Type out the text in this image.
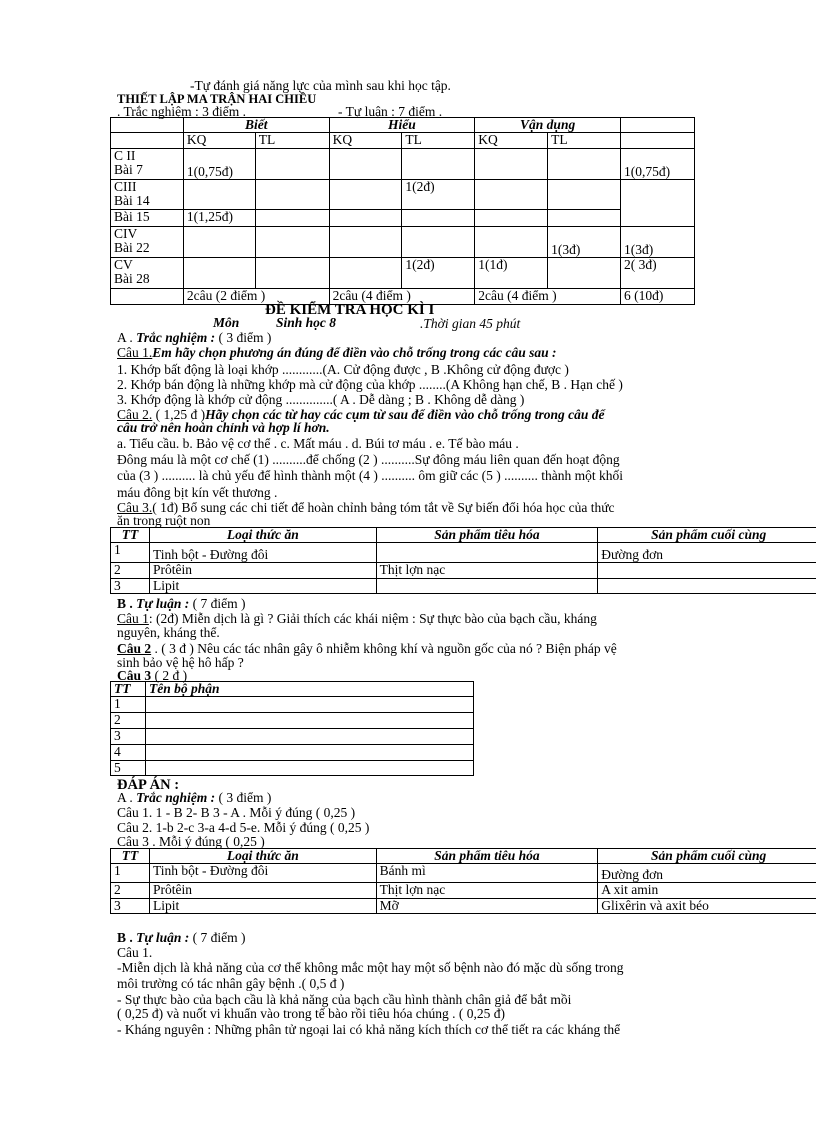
-Tự đánh giá năng lực của mình sau khi học tập.
THIẾT LẬP MA TRẬN HAI CHIỀU
. Trắc nghiệm : 3 điểm .	- Tự luận : 7 điểm .
	Biết		Hiểu		Vận dụng		
	KQ	TL	KQ	TL	KQ	TL	
C II
Bài 7	1(0,75đ)						1(0,75đ)
CIII
Bài 14				1(2đ)			
Bài 15	1(1,25đ)						
CIV
Bài 22						1(3đ)	1(3đ)
CV
Bài 28				1(2đ)	1(1đ)		2( 3đ)
	2câu (2 điểm )		2câu (4 điểm )		2câu (4 điểm )		6 (10đ)
ĐỀ KIỂM TRA HỌC KÌ I
Môn	Sinh học 8	.Thời gian 45 phút
A . Trắc nghiệm : ( 3 điểm )
Câu 1.Em hãy chọn phương án đúng để điền vào chỗ trống trong các câu sau :
1. Khớp bất động là loại khớp ............(A. Cử động được , B .Không cử động được )
2. Khớp bán động là những khớp mà cử động của khớp ........(A Không hạn chế, B . Hạn chế )
3. Khớp động là khớp cử động ..............( A . Dễ dàng ; B . Không dễ dàng )
Câu 2. ( 1,25 đ )Hãy chọn các từ hay các cụm từ sau để điền vào chỗ trống trong câu để
câu trở nên hoàn chỉnh và hợp lí hơn.
a. Tiểu cầu. b. Bảo vệ cơ thể . c. Mất máu . d. Búi tơ máu . e. Tế bào máu .
Đông máu là một cơ chế (1) ..........để chống (2 ) ..........Sự đông máu liên quan đến hoạt động
của (3 ) .......... là chủ yếu để hình thành một (4 ) .......... ôm giữ các (5 ) .......... thành một khối
máu đông bịt kín vết thương .
Câu 3.( 1đ) Bổ sung các chi tiết để hoàn chỉnh bảng tóm tắt về Sự biến đổi hóa học của thức
ăn trong ruột non
TT	Loại thức ăn	Sản phẩm tiêu hóa	Sản phẩm cuối cùng
1	Tinh bột - Đường đôi		Đường đơn
2	Prôtêin	Thịt lợn nạc	
3	Lipit		
B . Tự luận : ( 7 điểm )
Câu 1: (2đ) Miễn dịch là gì ? Giải thích các khái niệm : Sự thực bào của bạch cầu, kháng
nguyên, kháng thể.
Câu 2 . ( 3 đ ) Nêu các tác nhân gây ô nhiễm không khí và nguồn gốc của nó ? Biện pháp vệ
sinh bảo vệ hệ hô hấp ?
Câu 3 ( 2 đ )
TT	Tên bộ phận
1	
2	
3	
4	
5	
ĐÁP ÁN :
A . Trắc nghiệm : ( 3 điểm )
Câu 1. 1 - B 2- B 3 - A . Mỗi ý đúng ( 0,25 )
Câu 2. 1-b 2-c 3-a 4-d 5-e. Mỗi ý đúng ( 0,25 )
Câu 3 . Mỗi ý đúng ( 0,25 )
TT	Loại thức ăn	Sản phẩm tiêu hóa	Sản phẩm cuối cùng
1	Tinh bột - Đường đôi	Bánh mì	Đường đơn
2	Prôtêin	Thịt lợn nạc	A xit amin
3	Lipit	Mỡ	Glixêrin và axit béo
B . Tự luận : ( 7 điểm )
Câu 1.
-Miễn dịch là khả năng của cơ thể không mắc một hay một số bệnh nào đó mặc dù sống trong
môi trường có tác nhân gây bệnh .( 0,5 đ )
- Sự thực bào của bạch cầu là khả năng của bạch cầu hình thành chân giả để bắt mồi
( 0,25 đ) và nuốt vi khuẩn vào trong tế bào rồi tiêu hóa chúng . ( 0,25 đ)
- Kháng nguyên : Những phân tử ngoại lai có khả năng kích thích cơ thể tiết ra các kháng thể
